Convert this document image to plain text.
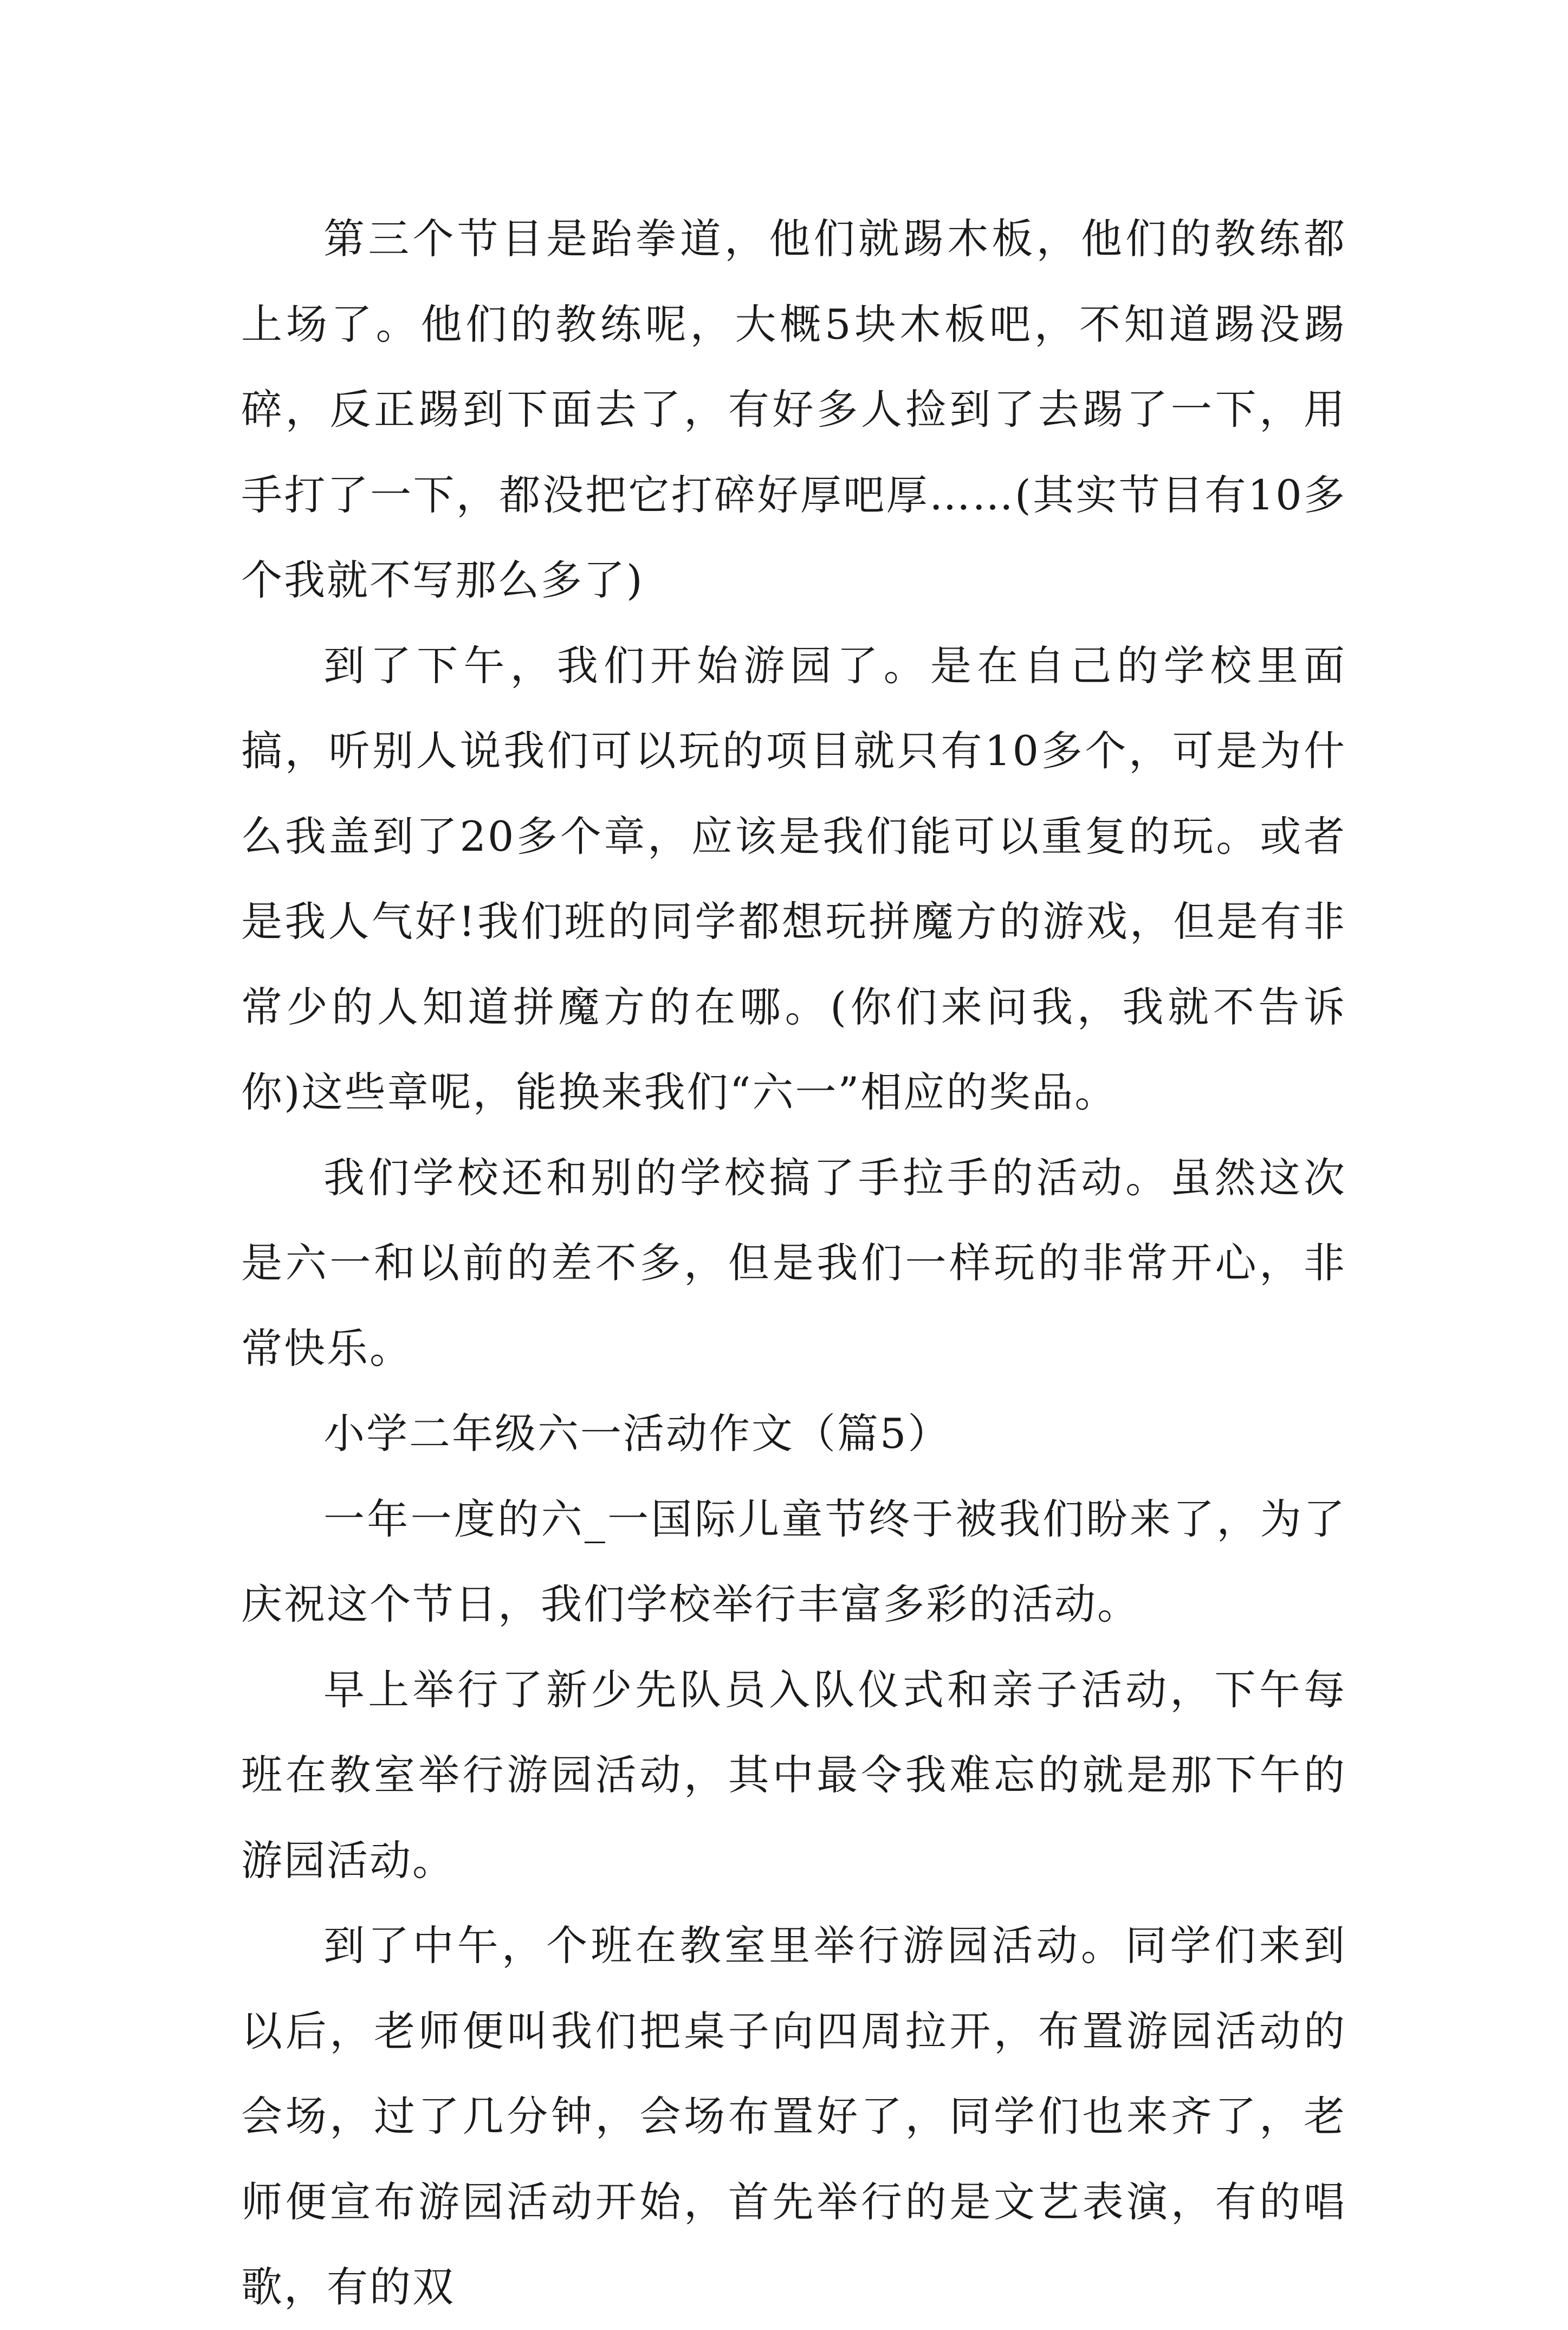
第三个节目是跆拳道，他们就踢木板，他们的教练都上场了。他们的教练呢，大概5块木板吧，不知道踢没踢碎，反正踢到下面去了，有好多人捡到了去踢了一下，用手打了一下，都没把它打碎好厚吧厚……(其实节目有10多个我就不写那么多了)

到了下午，我们开始游园了。是在自己的学校里面搞，听别人说我们可以玩的项目就只有10多个，可是为什么我盖到了20多个章，应该是我们能可以重复的玩。或者是我人气好!我们班的同学都想玩拼魔方的游戏，但是有非常少的人知道拼魔方的在哪。(你们来问我，我就不告诉你)这些章呢，能换来我们“六一”相应的奖品。

我们学校还和别的学校搞了手拉手的活动。虽然这次是六一和以前的差不多，但是我们一样玩的非常开心，非常快乐。

小学二年级六一活动作文（篇5）

一年一度的六_一国际儿童节终于被我们盼来了，为了庆祝这个节日，我们学校举行丰富多彩的活动。

早上举行了新少先队员入队仪式和亲子活动，下午每班在教室举行游园活动，其中最令我难忘的就是那下午的游园活动。

到了中午，个班在教室里举行游园活动。同学们来到以后，老师便叫我们把桌子向四周拉开，布置游园活动的会场，过了几分钟，会场布置好了，同学们也来齐了，老师便宣布游园活动开始，首先举行的是文艺表演，有的唱歌，有的双
